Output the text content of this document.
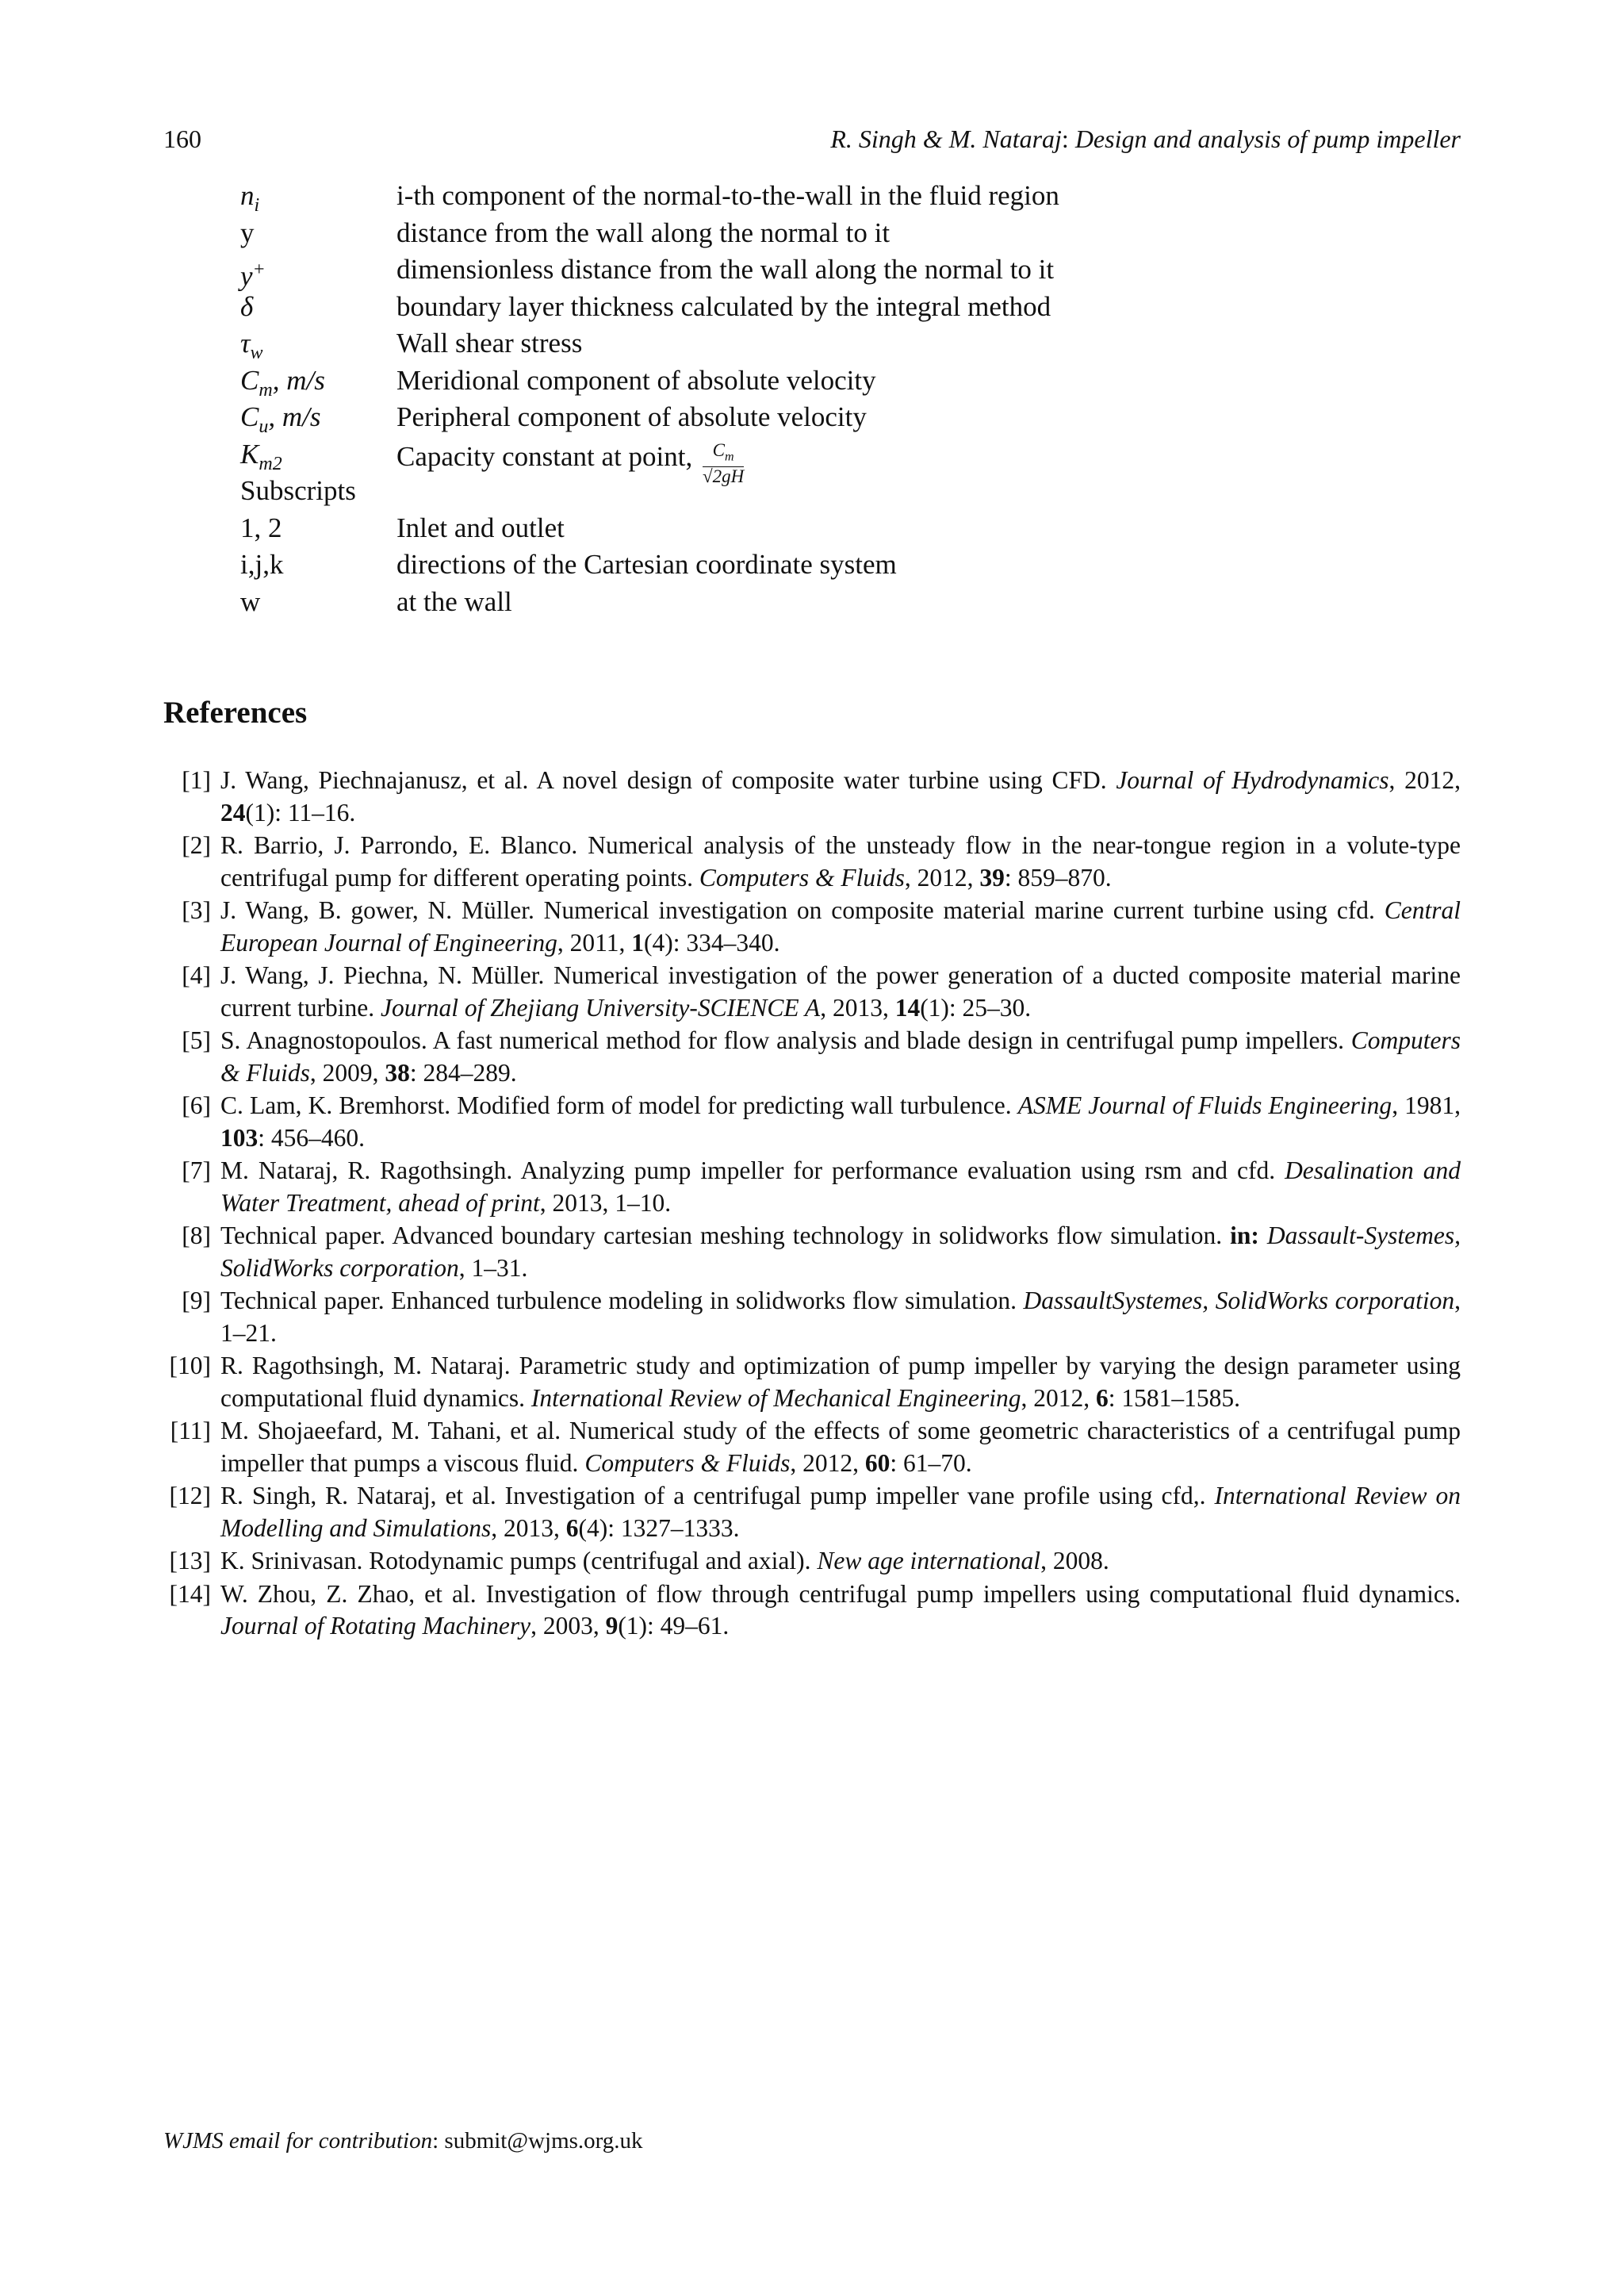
160	R. Singh & M. Nataraj: Design and analysis of pump impeller
$n_i$	i-th component of the normal-to-the-wall in the fluid region
y	distance from the wall along the normal to it
y+	dimensionless distance from the wall along the normal to it
δ	boundary layer thickness calculated by the integral method
$\tau_w$	Wall shear stress
$C_m$, m/s	Meridional component of absolute velocity
$C_u$, m/s	Peripheral component of absolute velocity
$K_{m2}$	Capacity constant at point, $\frac{C_m}{√2gH}$
Subscripts
1, 2	Inlet and outlet
i,j,k	directions of the Cartesian coordinate system
w	at the wall
References
[1] J. Wang, Piechnajanusz, et al. A novel design of composite water turbine using CFD. Journal of Hydrodynamics, 2012, 24(1): 11–16.
[2] R. Barrio, J. Parrondo, E. Blanco. Numerical analysis of the unsteady flow in the near-tongue region in a volute-type centrifugal pump for different operating points. Computers & Fluids, 2012, 39: 859–870.
[3] J. Wang, B. gower, N. Müller. Numerical investigation on composite material marine current turbine using cfd. Central European Journal of Engineering, 2011, 1(4): 334–340.
[4] J. Wang, J. Piechna, N. Müller. Numerical investigation of the power generation of a ducted composite material marine current turbine. Journal of Zhejiang University-SCIENCE A, 2013, 14(1): 25–30.
[5] S. Anagnostopoulos. A fast numerical method for flow analysis and blade design in centrifugal pump impellers. Computers & Fluids, 2009, 38: 284–289.
[6] C. Lam, K. Bremhorst. Modified form of model for predicting wall turbulence. ASME Journal of Fluids Engineering, 1981, 103: 456–460.
[7] M. Nataraj, R. Ragothsingh. Analyzing pump impeller for performance evaluation using rsm and cfd. Desalination and Water Treatment, ahead of print, 2013, 1–10.
[8] Technical paper. Advanced boundary cartesian meshing technology in solidworks flow simulation. in: Dassault-Systemes, SolidWorks corporation, 1–31.
[9] Technical paper. Enhanced turbulence modeling in solidworks flow simulation. DassaultSystemes, SolidWorks corporation, 1–21.
[10] R. Ragothsingh, M. Nataraj. Parametric study and optimization of pump impeller by varying the design parameter using computational fluid dynamics. International Review of Mechanical Engineering, 2012, 6: 1581–1585.
[11] M. Shojaeefard, M. Tahani, et al. Numerical study of the effects of some geometric characteristics of a centrifugal pump impeller that pumps a viscous fluid. Computers & Fluids, 2012, 60: 61–70.
[12] R. Singh, R. Nataraj, et al. Investigation of a centrifugal pump impeller vane profile using cfd,. International Review on Modelling and Simulations, 2013, 6(4): 1327–1333.
[13] K. Srinivasan. Rotodynamic pumps (centrifugal and axial). New age international, 2008.
[14] W. Zhou, Z. Zhao, et al. Investigation of flow through centrifugal pump impellers using computational fluid dynamics. Journal of Rotating Machinery, 2003, 9(1): 49–61.
WJMS email for contribution: submit@wjms.org.uk
